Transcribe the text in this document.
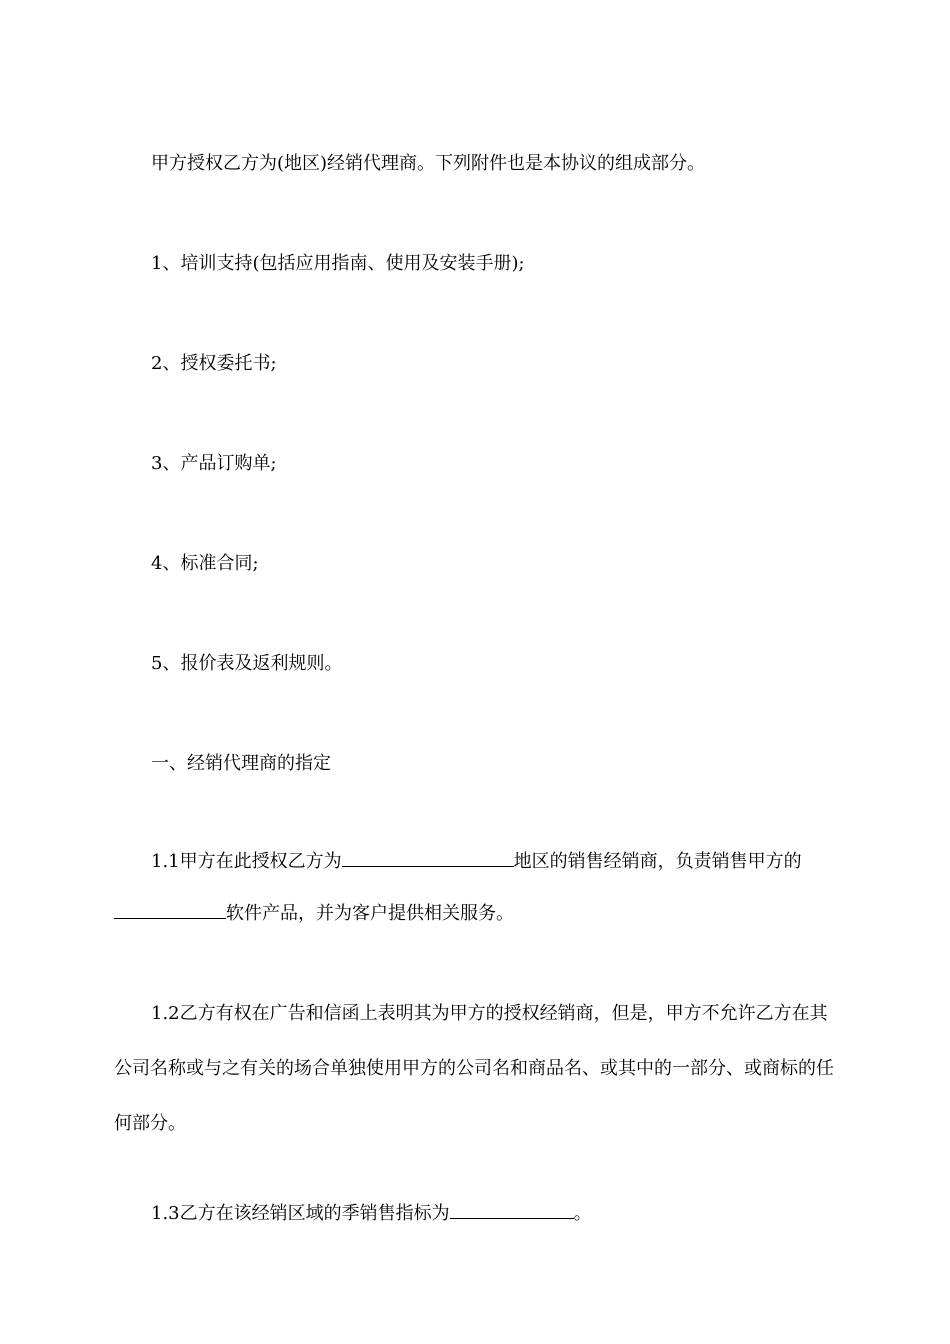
甲方授权乙方为(地区)经销代理商。下列附件也是本协议的组成部分。
1、培训支持(包括应用指南、使用及安装手册);
2、授权委托书;
3、产品订购单;
4、标准合同;
5、报价表及返利规则。
一、经销代理商的指定
1.1甲方在此授权乙方为	地区的销售经销商，负责销售甲方的
软件产品，并为客户提供相关服务。
1.2乙方有权在广告和信函上表明其为甲方的授权经销商，但是，甲方不允许乙方在其公司名称或与之有关的场合单独使用甲方的公司名和商品名、或其中的一部分、或商标的任何部分。
1.3乙方在该经销区域的季销售指标为	。
